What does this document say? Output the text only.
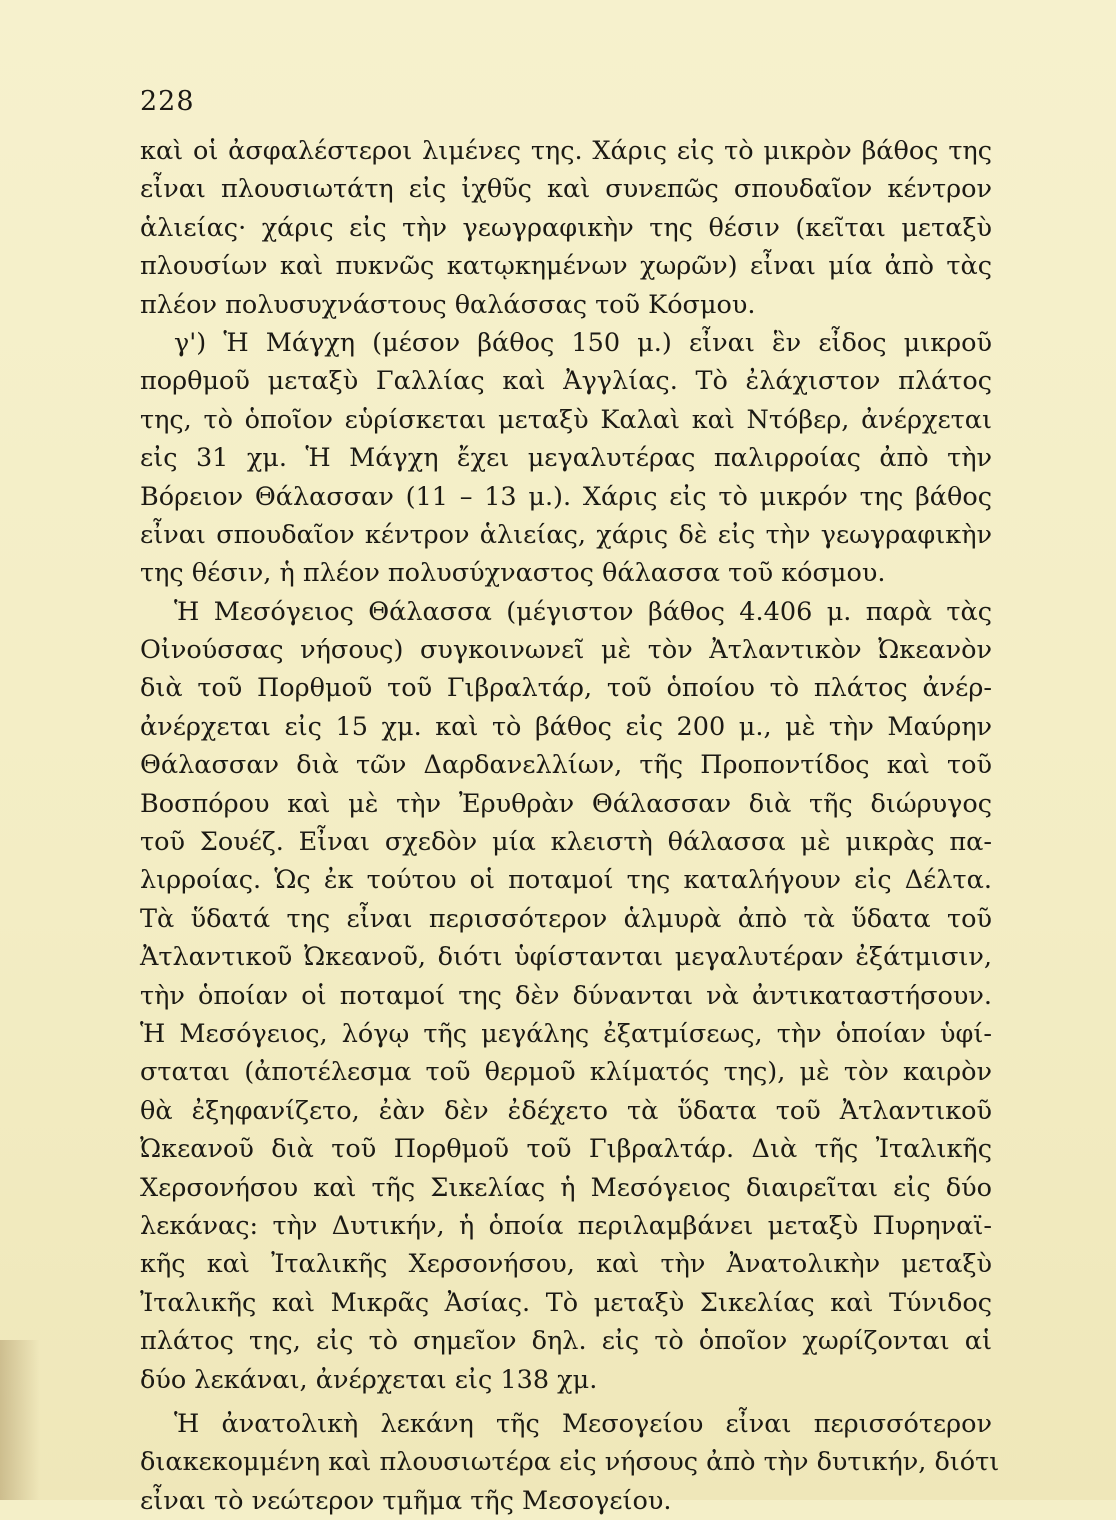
228
καὶ οἱ ἀσφαλέστεροι λιμένες της. Χάρις εἰς τὸ μικρὸν βάθος της
εἶναι πλουσιωτάτη εἰς ἰχθῦς καὶ συνεπῶς σπουδαῖον κέντρον
ἁλιείας· χάρις εἰς τὴν γεωγραφικὴν της θέσιν (κεῖται μεταξὺ
πλουσίων καὶ πυκνῶς κατῳκημένων χωρῶν) εἶναι μία ἀπὸ τὰς
πλέον πολυσυχνάστους θαλάσσας τοῦ Κόσμου.
γ') Ἡ Μάγχη (μέσον βάθος 150 μ.) εἶναι ἓν εἶδος μικροῦ
πορθμοῦ μεταξὺ Γαλλίας καὶ Ἀγγλίας. Τὸ ἐλάχιστον πλάτος
της, τὸ ὁποῖον εὑρίσκεται μεταξὺ Καλαὶ καὶ Ντόβερ, ἀνέρχεται
εἰς 31 χμ. Ἡ Μάγχη ἔχει μεγαλυτέρας παλιρροίας ἀπὸ τὴν
Βόρειον Θάλασσαν (11 – 13 μ.). Χάρις εἰς τὸ μικρόν της βάθος
εἶναι σπουδαῖον κέντρον ἁλιείας, χάρις δὲ εἰς τὴν γεωγραφικὴν
της θέσιν, ἡ πλέον πολυσύχναστος θάλασσα τοῦ κόσμου.
Ἡ Μεσόγειος Θάλασσα (μέγιστον βάθος 4.406 μ. παρὰ τὰς
Οἰνούσσας νήσους) συγκοινωνεῖ μὲ τὸν Ἀτλαντικὸν Ὠκεανὸν
διὰ τοῦ Πορθμοῦ τοῦ Γιβραλτάρ, τοῦ ὁποίου τὸ πλάτος ἀνέρ-
ἀνέρχεται εἰς 15 χμ. καὶ τὸ βάθος εἰς 200 μ., μὲ τὴν Μαύρην
Θάλασσαν διὰ τῶν Δαρδανελλίων, τῆς Προποντίδος καὶ τοῦ
Βοσπόρου καὶ μὲ τὴν Ἐρυθρὰν Θάλασσαν διὰ τῆς διώρυγος
τοῦ Σουέζ. Εἶναι σχεδὸν μία κλειστὴ θάλασσα μὲ μικρὰς πα-
λιρροίας. Ὡς ἐκ τούτου οἱ ποταμοί της καταλήγουν εἰς Δέλτα.
Τὰ ὕδατά της εἶναι περισσότερον ἁλμυρὰ ἀπὸ τὰ ὕδατα τοῦ
Ἀτλαντικοῦ Ὠκεανοῦ, διότι ὑφίστανται μεγαλυτέραν ἐξάτμισιν,
τὴν ὁποίαν οἱ ποταμοί της δὲν δύνανται νὰ ἀντικαταστήσουν.
Ἡ Μεσόγειος, λόγῳ τῆς μεγάλης ἐξατμίσεως, τὴν ὁποίαν ὑφί-
σταται (ἀποτέλεσμα τοῦ θερμοῦ κλίματός της), μὲ τὸν καιρὸν
θὰ ἐξηφανίζετο, ἐὰν δὲν ἐδέχετο τὰ ὕδατα τοῦ Ἀτλαντικοῦ
Ὠκεανοῦ διὰ τοῦ Πορθμοῦ τοῦ Γιβραλτάρ. Διὰ τῆς Ἰταλικῆς
Χερσονήσου καὶ τῆς Σικελίας ἡ Μεσόγειος διαιρεῖται εἰς δύο
λεκάνας: τὴν Δυτικήν, ἡ ὁποία περιλαμβάνει μεταξὺ Πυρηναϊ-
κῆς καὶ Ἰταλικῆς Χερσονήσου, καὶ τὴν Ἀνατολικὴν μεταξὺ
Ἰταλικῆς καὶ Μικρᾶς Ἀσίας. Τὸ μεταξὺ Σικελίας καὶ Τύνιδος
πλάτος της, εἰς τὸ σημεῖον δηλ. εἰς τὸ ὁποῖον χωρίζονται αἱ
δύο λεκάναι, ἀνέρχεται εἰς 138 χμ.
Ἡ ἀνατολικὴ λεκάνη τῆς Μεσογείου εἶναι περισσότερον
διακεκομμένη καὶ πλουσιωτέρα εἰς νήσους ἀπὸ τὴν δυτικήν, διότι
εἶναι τὸ νεώτερον τμῆμα τῆς Μεσογείου.
